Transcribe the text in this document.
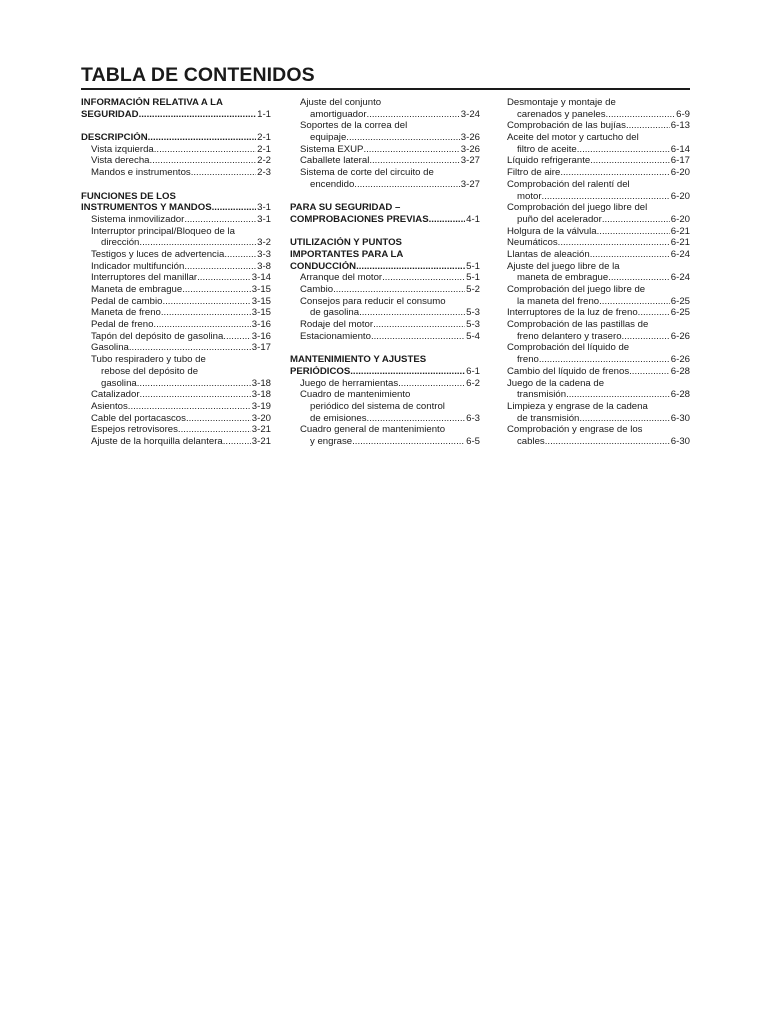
TABLA DE CONTENIDOS
INFORMACIÓN RELATIVA A LA
SEGURIDAD .....	1-1
DESCRIPCIÓN .....	2-1
Vista izquierda .....	2-1
Vista derecha .....	2-2
Mandos e instrumentos .....	2-3
FUNCIONES DE LOS
INSTRUMENTOS Y MANDOS .....	3-1
Sistema inmovilizador .....	3-1
Interruptor principal/Bloqueo de la
dirección .....	3-2
Testigos y luces de advertencia .....	3-3
Indicador multifunción .....	3-8
Interruptores del manillar .....	3-14
Maneta de embrague .....	3-15
Pedal de cambio .....	3-15
Maneta de freno .....	3-15
Pedal de freno .....	3-16
Tapón del depósito de gasolina .....	3-16
Gasolina .....	3-17
Tubo respiradero y tubo de
rebose del depósito de
gasolina .....	3-18
Catalizador .....	3-18
Asientos .....	3-19
Cable del portacascos .....	3-20
Espejos retrovisores .....	3-21
Ajuste de la horquilla delantera .....	3-21
Ajuste del conjunto
amortiguador .....	3-24
Soportes de la correa del
equipaje .....	3-26
Sistema EXUP .....	3-26
Caballete lateral .....	3-27
Sistema de corte del circuito de
encendido .....	3-27
PARA SU SEGURIDAD –
COMPROBACIONES PREVIAS .....	4-1
UTILIZACIÓN Y PUNTOS
IMPORTANTES PARA LA
CONDUCCIÓN .....	5-1
Arranque del motor .....	5-1
Cambio .....	5-2
Consejos para reducir el consumo
de gasolina .....	5-3
Rodaje del motor .....	5-3
Estacionamiento .....	5-4
MANTENIMIENTO Y AJUSTES
PERIÓDICOS .....	6-1
Juego de herramientas .....	6-2
Cuadro de mantenimiento
periódico del sistema de control
de emisiones .....	6-3
Cuadro general de mantenimiento
y engrase .....	6-5
Desmontaje y montaje de
carenados y paneles .....	6-9
Comprobación de las bujías .....	6-13
Aceite del motor y cartucho del
filtro de aceite .....	6-14
Líquido refrigerante .....	6-17
Filtro de aire .....	6-20
Comprobación del ralentí del
motor .....	6-20
Comprobación del juego libre del
puño del acelerador .....	6-20
Holgura de la válvula .....	6-21
Neumáticos .....	6-21
Llantas de aleación .....	6-24
Ajuste del juego libre de la
maneta de embrague .....	6-24
Comprobación del juego libre de
la maneta del freno .....	6-25
Interruptores de la luz de freno .....	6-25
Comprobación de las pastillas de
freno delantero y trasero .....	6-26
Comprobación del líquido de
freno .....	6-26
Cambio del líquido de frenos .....	6-28
Juego de la cadena de
transmisión .....	6-28
Limpieza y engrase de la cadena
de transmisión .....	6-30
Comprobación y engrase de los
cables .....	6-30
